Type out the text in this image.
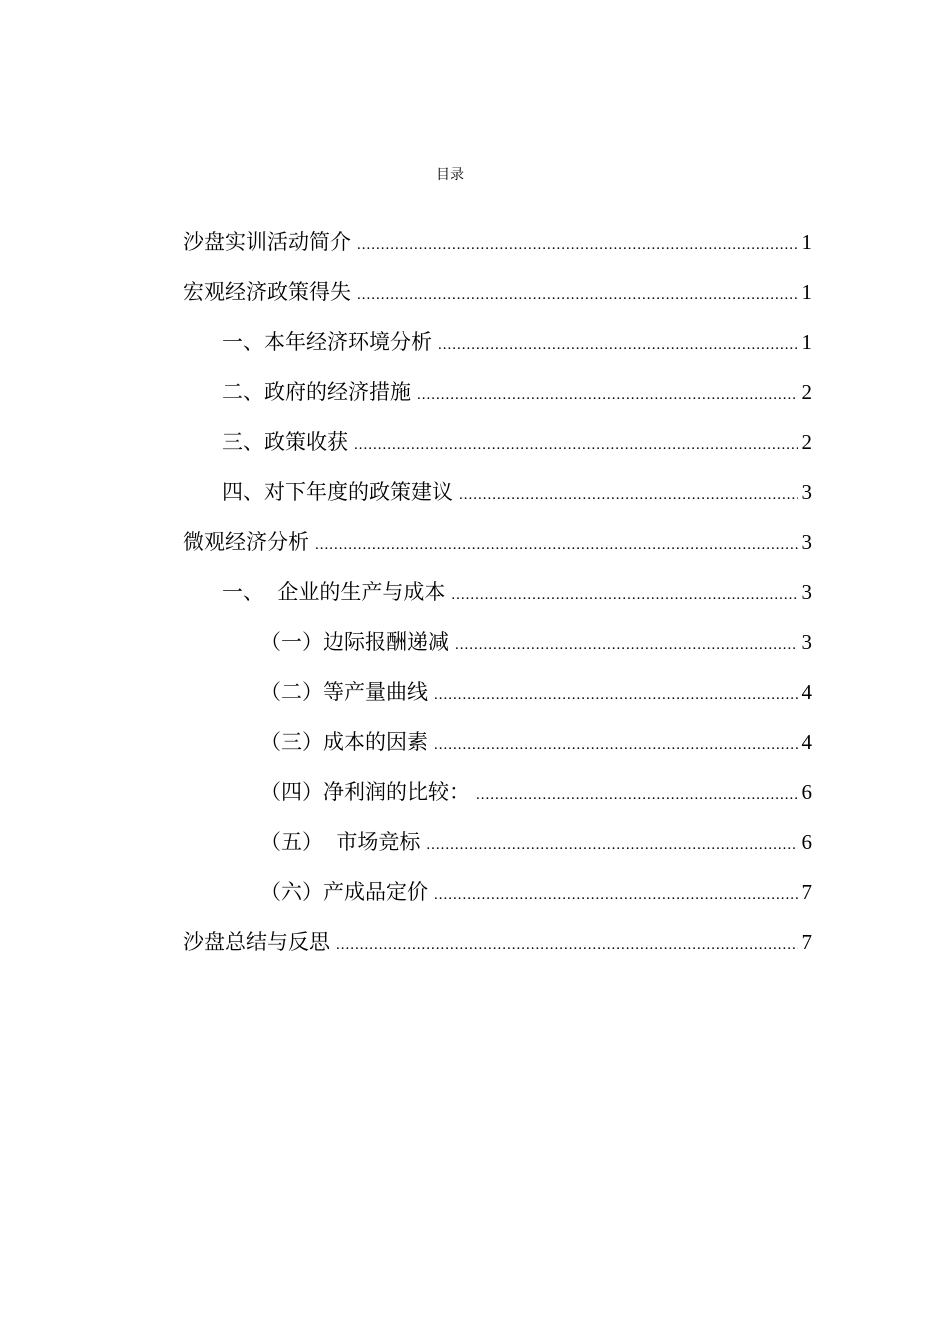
目录
沙盘实训活动简介 .....	1
宏观经济政策得失 .....	1
一、本年经济环境分析 .....	1
二、政府的经济措施 .....	2
三、政策收获 .....	2
四、对下年度的政策建议 .....	3
微观经济分析 .....	3
一、  企业的生产与成本 .....	3
（一）边际报酬递减 .....	3
（二）等产量曲线 .....	4
（三）成本的因素 .....	4
（四）净利润的比较： .....	6
（五）  市场竞标 .....	6
（六）产成品定价 .....	7
沙盘总结与反思 .....	7
